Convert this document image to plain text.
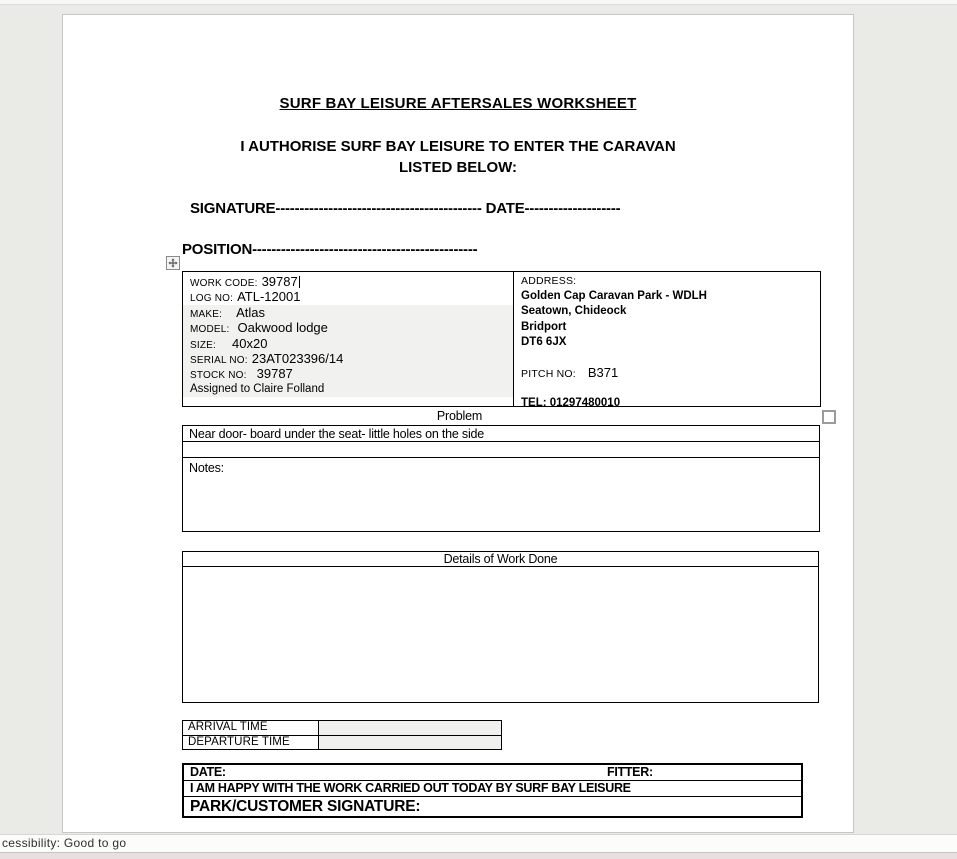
SURF BAY LEISURE AFTERSALES WORKSHEET
I AUTHORISE SURF BAY LEISURE TO ENTER THE CARAVAN
LISTED BELOW:
SIGNATURE------------------------------------------- DATE--------------------
POSITION-----------------------------------------------
WORK CODE: 39787
LOG NO: ATL-12001
MAKE: Atlas
MODEL: Oakwood lodge
SIZE: 40x20
SERIAL NO: 23AT023396/14
STOCK NO: 39787
Assigned to Claire Folland
ADDRESS:
Golden Cap Caravan Park - WDLH
Seatown, Chideock
Bridport
DT6 6JX
PITCH NO: B371
TEL: 01297480010
Problem
Near door- board under the seat- little holes on the side
Notes:
Details of Work Done
ARRIVAL TIME
DEPARTURE TIME
DATE:	FITTER:
I AM HAPPY WITH THE WORK CARRIED OUT TODAY BY SURF BAY LEISURE
PARK/CUSTOMER SIGNATURE:
cessibility: Good to go
